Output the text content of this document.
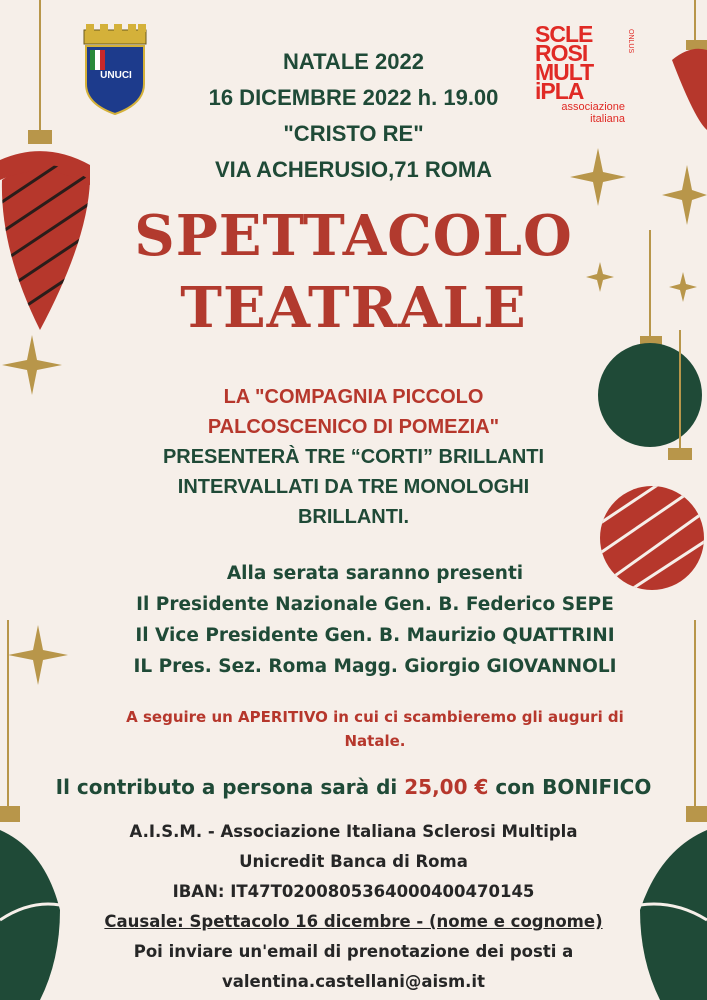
UNUCI
SCLE
ROSI
MULT
iPLA
associazione
italiana
ONLUS
NATALE 2022
16 DICEMBRE 2022 h. 19.00
"CRISTO RE"
VIA ACHERUSIO,71 ROMA
SPETTACOLO
TEATRALE
LA "COMPAGNIA PICCOLO
PALCOSCENICO DI POMEZIA"
PRESENTERÀ TRE “CORTI” BRILLANTI
INTERVALLATI DA TRE MONOLOGHI
BRILLANTI.
Alla serata saranno presenti
Il Presidente Nazionale Gen. B. Federico SEPE
Il Vice Presidente Gen. B. Maurizio QUATTRINI
IL Pres. Sez. Roma Magg. Giorgio GIOVANNOLI
A seguire un APERITIVO in cui ci scambieremo gli auguri di
Natale.
Il contributo a persona sarà di 25,00 € con BONIFICO
A.I.S.M. - Associazione Italiana Sclerosi Multipla
Unicredit Banca di Roma
IBAN: IT47T0200805364000400470145
Causale: Spettacolo 16 dicembre - (nome e cognome)
Poi inviare un'email di prenotazione dei posti a
valentina.castellani@aism.it
